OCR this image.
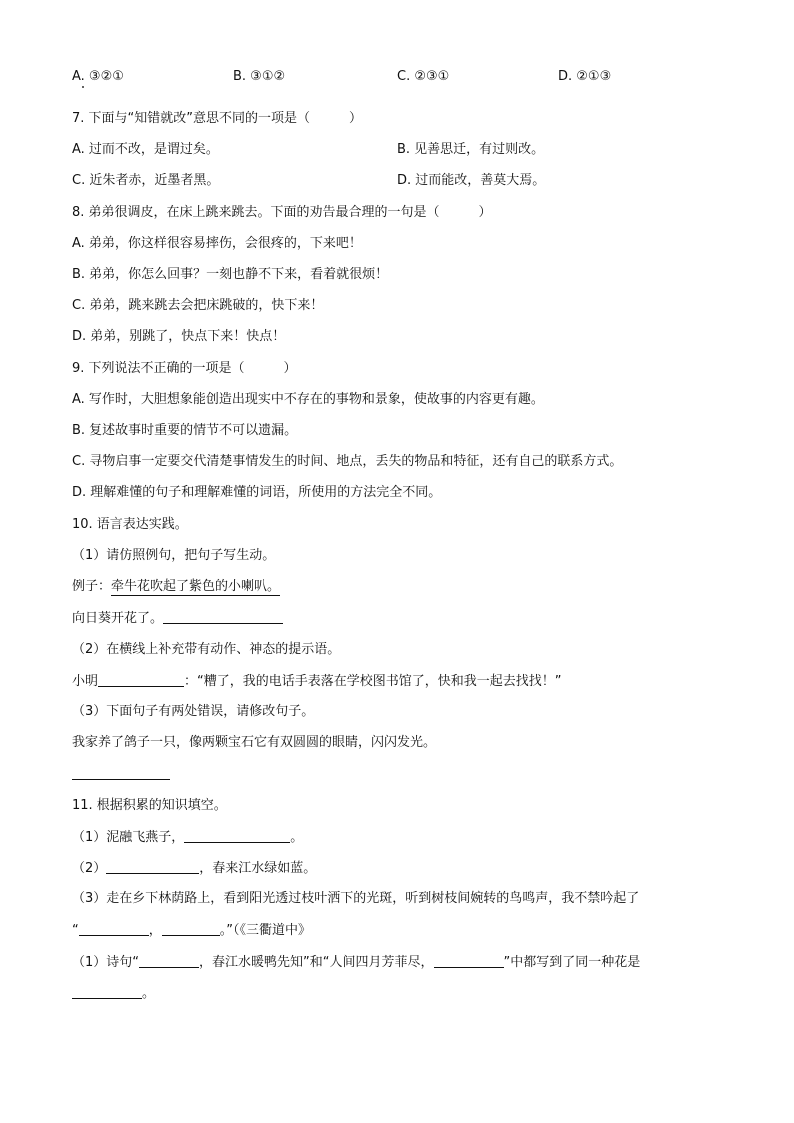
A. ③②①	B. ③①②	C. ②③①	D. ②①③
7. 下面与“知错就改”意思不同的一项是（　　　）
A. 过而不改，是谓过矣。	B. 见善思迁，有过则改。
C. 近朱者赤，近墨者黑。	D. 过而能改，善莫大焉。
8. 弟弟很调皮，在床上跳来跳去。下面的劝告最合理的一句是（　　　）
A. 弟弟，你这样很容易摔伤，会很疼的，下来吧！
B. 弟弟，你怎么回事？一刻也静不下来，看着就很烦！
C. 弟弟，跳来跳去会把床跳破的，快下来！
D. 弟弟，别跳了，快点下来！快点！
9. 下列说法不正确的一项是（　　　）
A. 写作时，大胆想象能创造出现实中不存在的事物和景象，使故事的内容更有趣。
B. 复述故事时重要的情节不可以遗漏。
C. 寻物启事一定要交代清楚事情发生的时间、地点，丢失的物品和特征，还有自己的联系方式。
D. 理解难懂的句子和理解难懂的词语，所使用的方法完全不同。
10. 语言表达实践。
（1）请仿照例句，把句子写生动。
例子：牵牛花吹起了紫色的小喇叭。
向日葵开花了。
（2）在横线上补充带有动作、神态的提示语。
小明	：“糟了，我的电话手表落在学校图书馆了，快和我一起去找找！”
（3）下面句子有两处错误，请修改句子。
我家养了鸽子一只，像两颗宝石它有双圆圆的眼睛，闪闪发光。
11. 根据积累的知识填空。
（1）泥融飞燕子，	。
（2）	，春来江水绿如蓝。
（3）走在乡下林荫路上，看到阳光透过枝叶洒下的光斑，听到树枝间婉转的鸟鸣声，我不禁吟起了
“	，	。”（《三衢道中》
（1）诗句“	，春江水暖鸭先知”和“人间四月芳菲尽，	”中都写到了同一种花是
。
